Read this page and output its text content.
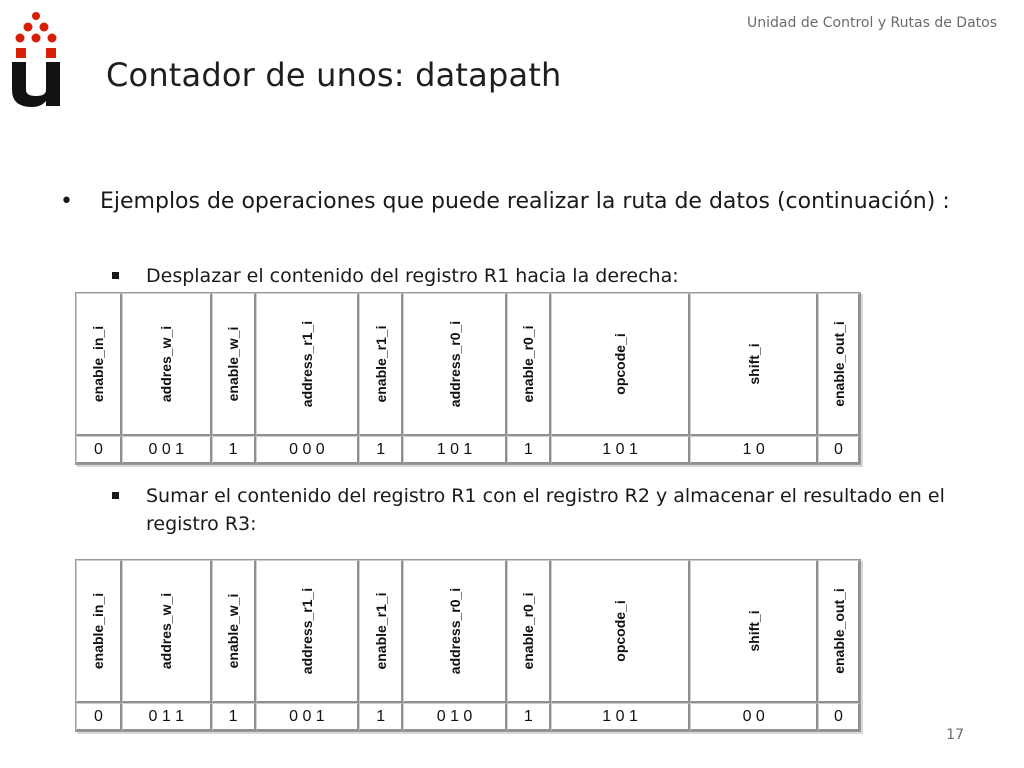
Unidad de Control y Rutas de Datos
Contador de unos: datapath
• Ejemplos de operaciones que puede realizar la ruta de datos (continuación) :
Desplazar el contenido del registro R1 hacia la derecha:
enable_in_i	addres_w_i	enable_w_i	address_r1_i	enable_r1_i	address_r0_i	enable_r0_i	opcode_i	shift_i	enable_out_i

0	0 0 1	1	0 0 0	1	1 0 1	1	1 0 1	1 0	0
Sumar el contenido del registro R1 con el registro R2 y almacenar el resultado en el registro R3:
enable_in_i	addres_w_i	enable_w_i	address_r1_i	enable_r1_i	address_r0_i	enable_r0_i	opcode_i	shift_i	enable_out_i

0	0 1 1	1	0 0 1	1	0 1 0	1	1 0 1	0 0	0
17
